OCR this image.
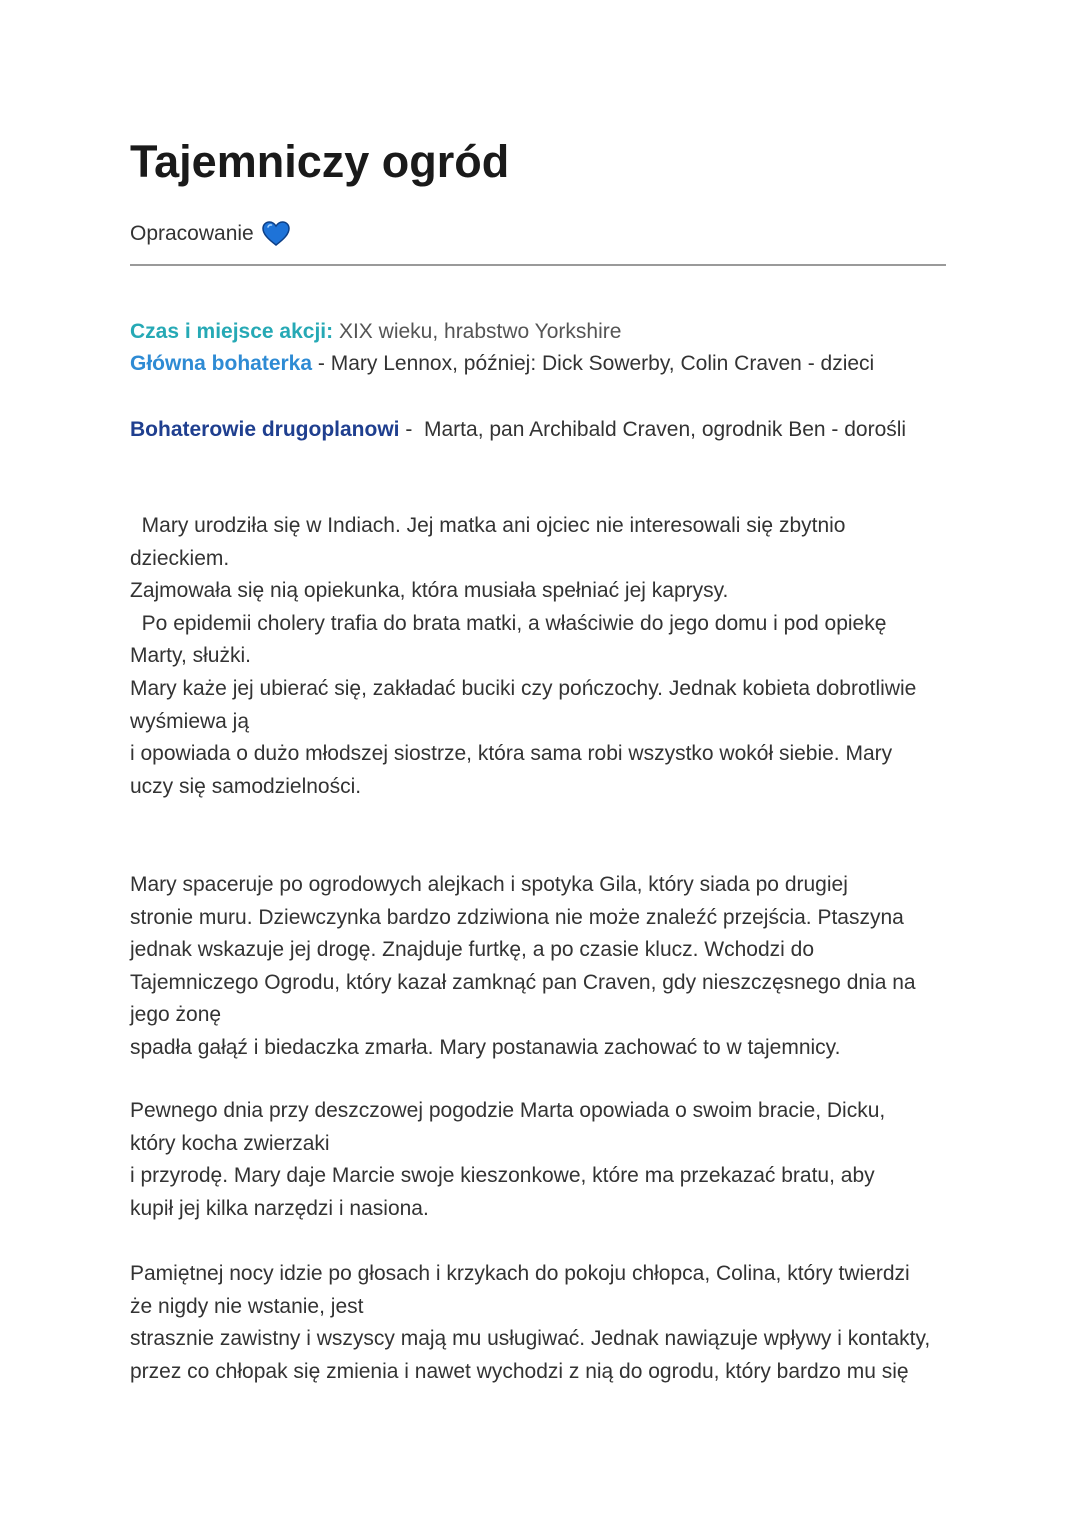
Tajemniczy ogród
Opracowanie
Czas i miejsce akcji: XIX wieku, hrabstwo Yorkshire
Główna bohaterka - Mary Lennox, później: Dick Sowerby, Colin Craven - dzieci
Bohaterowie drugoplanowi -  Marta, pan Archibald Craven, ogrodnik Ben - dorośli
Mary urodziła się w Indiach. Jej matka ani ojciec nie interesowali się zbytnio
dzieckiem.
Zajmowała się nią opiekunka, która musiała spełniać jej kaprysy.
Po epidemii cholery trafia do brata matki, a właściwie do jego domu i pod opiekę
Marty, służki.
Mary każe jej ubierać się, zakładać buciki czy pończochy. Jednak kobieta dobrotliwie
wyśmiewa ją
i opowiada o dużo młodszej siostrze, która sama robi wszystko wokół siebie. Mary
uczy się samodzielności.
Mary spaceruje po ogrodowych alejkach i spotyka Gila, który siada po drugiej
stronie muru. Dziewczynka bardzo zdziwiona nie może znaleźć przejścia. Ptaszyna
jednak wskazuje jej drogę. Znajduje furtkę, a po czasie klucz. Wchodzi do
Tajemniczego Ogrodu, który kazał zamknąć pan Craven, gdy nieszczęsnego dnia na
jego żonę
spadła gałąź i biedaczka zmarła. Mary postanawia zachować to w tajemnicy.
Pewnego dnia przy deszczowej pogodzie Marta opowiada o swoim bracie, Dicku,
który kocha zwierzaki
i przyrodę. Mary daje Marcie swoje kieszonkowe, które ma przekazać bratu, aby
kupił jej kilka narzędzi i nasiona.
Pamiętnej nocy idzie po głosach i krzykach do pokoju chłopca, Colina, który twierdzi
że nigdy nie wstanie, jest
strasznie zawistny i wszyscy mają mu usługiwać. Jednak nawiązuje wpływy i kontakty,
przez co chłopak się zmienia i nawet wychodzi z nią do ogrodu, który bardzo mu się
